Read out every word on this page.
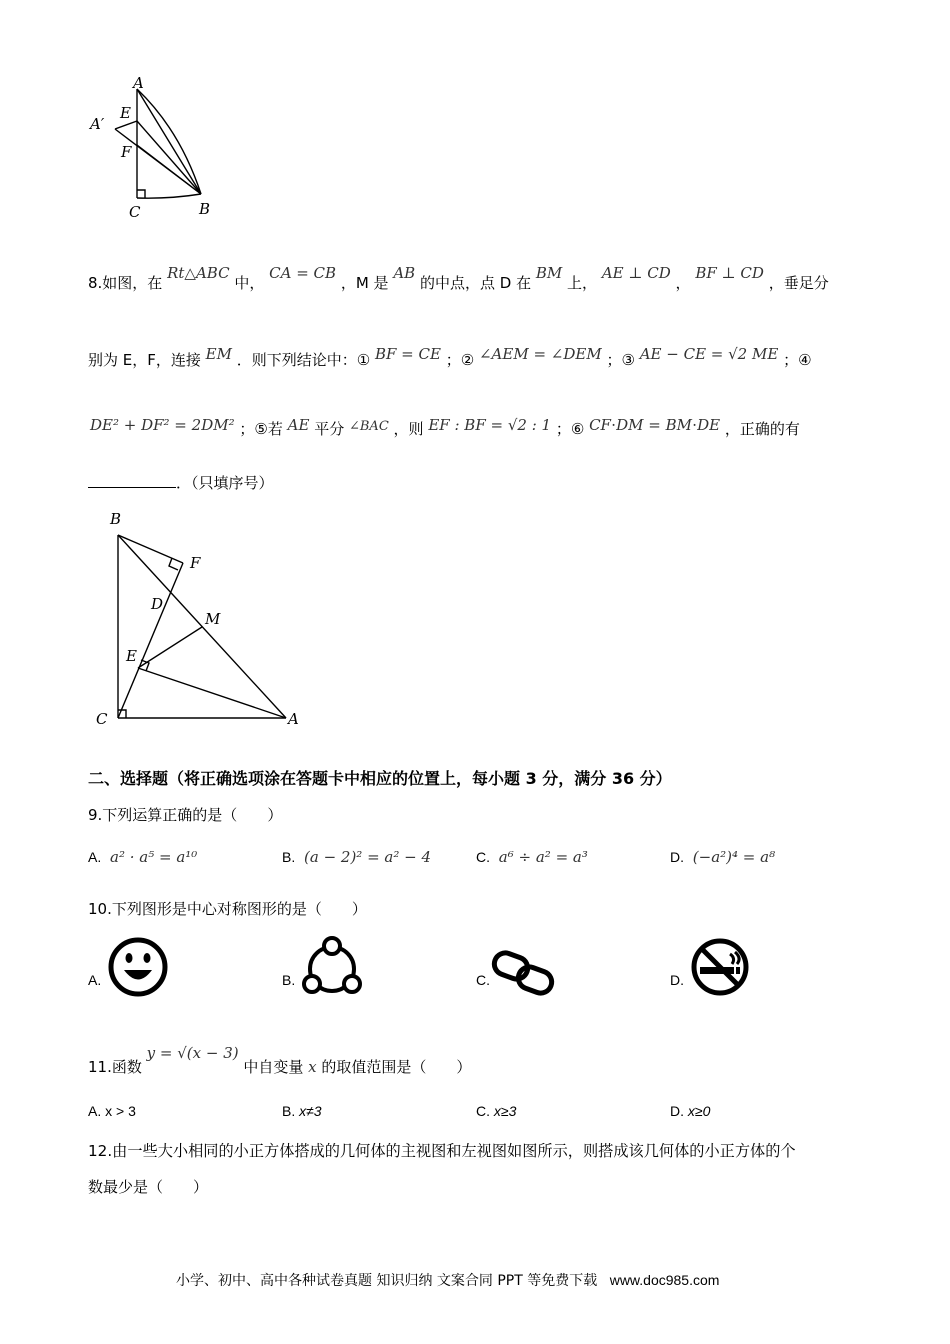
A
E
A′
F
C	B
8.如图，在 Rt△ABC 中， CA = CB ，M 是 AB 的中点，点 D 在 BM 上， AE ⊥ CD ， BF ⊥ CD ，垂足分
别为 E，F，连接 EM ．则下列结论中：① BF = CE ；② ∠AEM = ∠DEM ；③ AE − CE = √2 ME ；④
DE² + DF² = 2DM² ；⑤若 AE 平分 ∠BAC ，则 EF : BF = √2 : 1 ；⑥ CF⋅DM = BM⋅DE ，正确的有
．（只填序号）
B
F
D
M
E
C	A
二、选择题（将正确选项涂在答题卡中相应的位置上，每小题 3 分，满分 36 分）
9.下列运算正确的是（　　）
A. a² · a⁵ = a¹⁰	B. (a − 2)² = a² − 4	C. a⁶ ÷ a² = a³	D. (−a²)⁴ = a⁸
10.下列图形是中心对称图形的是（　　）
A.	B.	C.	D.
11.函数 y = √(x − 3) 中自变量 x 的取值范围是（　　）
A. x > 3	B. x≠3	C. x≥3	D. x≥0
12.由一些大小相同的小正方体搭成的几何体的主视图和左视图如图所示，则搭成该几何体的小正方体的个
数最少是（　　）
小学、初中、高中各种试卷真题 知识归纳 文案合同 PPT 等免费下载 www.doc985.com
